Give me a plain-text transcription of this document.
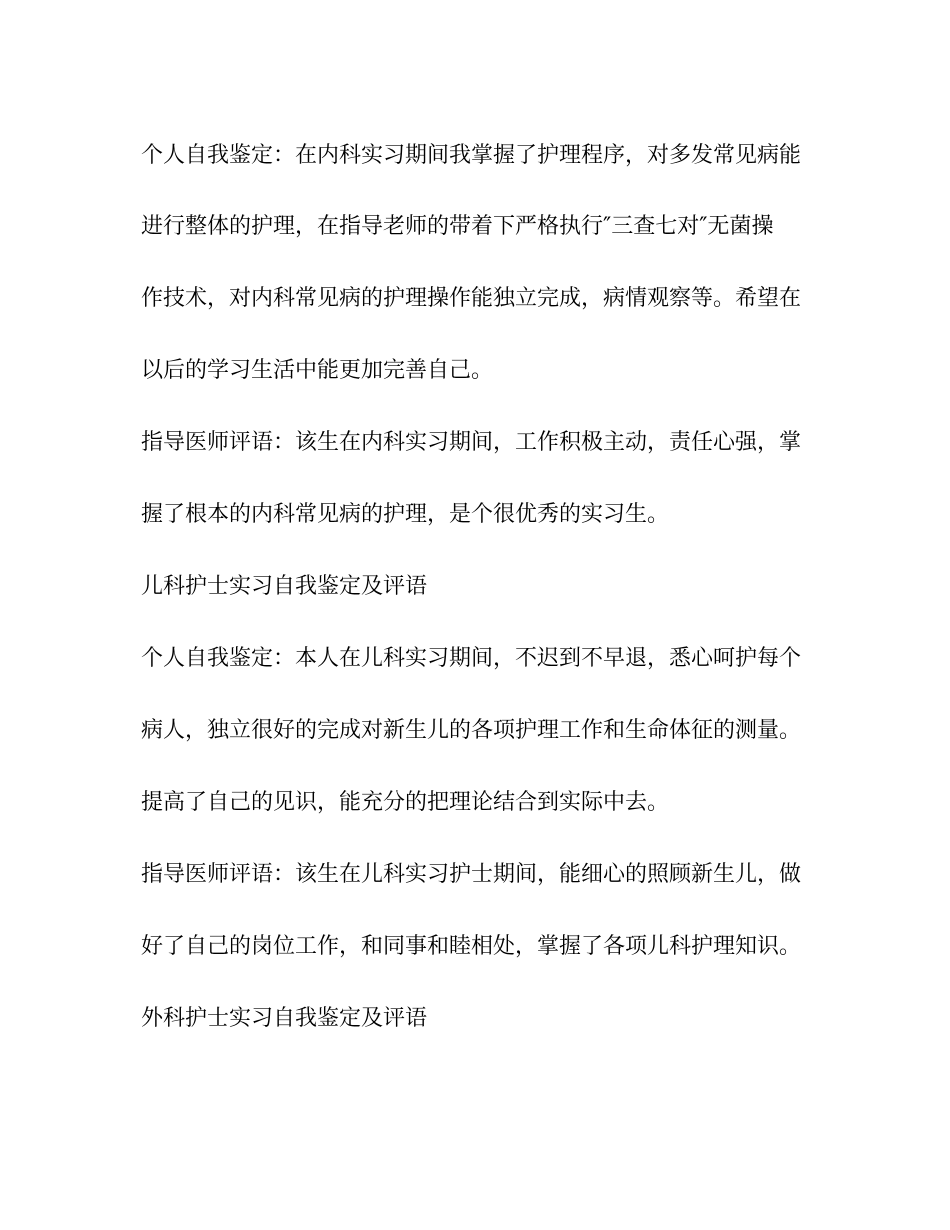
个人自我鉴定：在内科实习期间我掌握了护理程序，对多发常见病能

进行整体的护理，在指导老师的带着下严格执行″三查七对″无菌操

作技术，对内科常见病的护理操作能独立完成，病情观察等。希望在

以后的学习生活中能更加完善自己。

指导医师评语：该生在内科实习期间，工作积极主动，责任心强，掌

握了根本的内科常见病的护理，是个很优秀的实习生。

儿科护士实习自我鉴定及评语

个人自我鉴定：本人在儿科实习期间，不迟到不早退，悉心呵护每个

病人，独立很好的完成对新生儿的各项护理工作和生命体征的测量。

提高了自己的见识，能充分的把理论结合到实际中去。

指导医师评语：该生在儿科实习护士期间，能细心的照顾新生儿，做

好了自己的岗位工作，和同事和睦相处，掌握了各项儿科护理知识。

外科护士实习自我鉴定及评语
